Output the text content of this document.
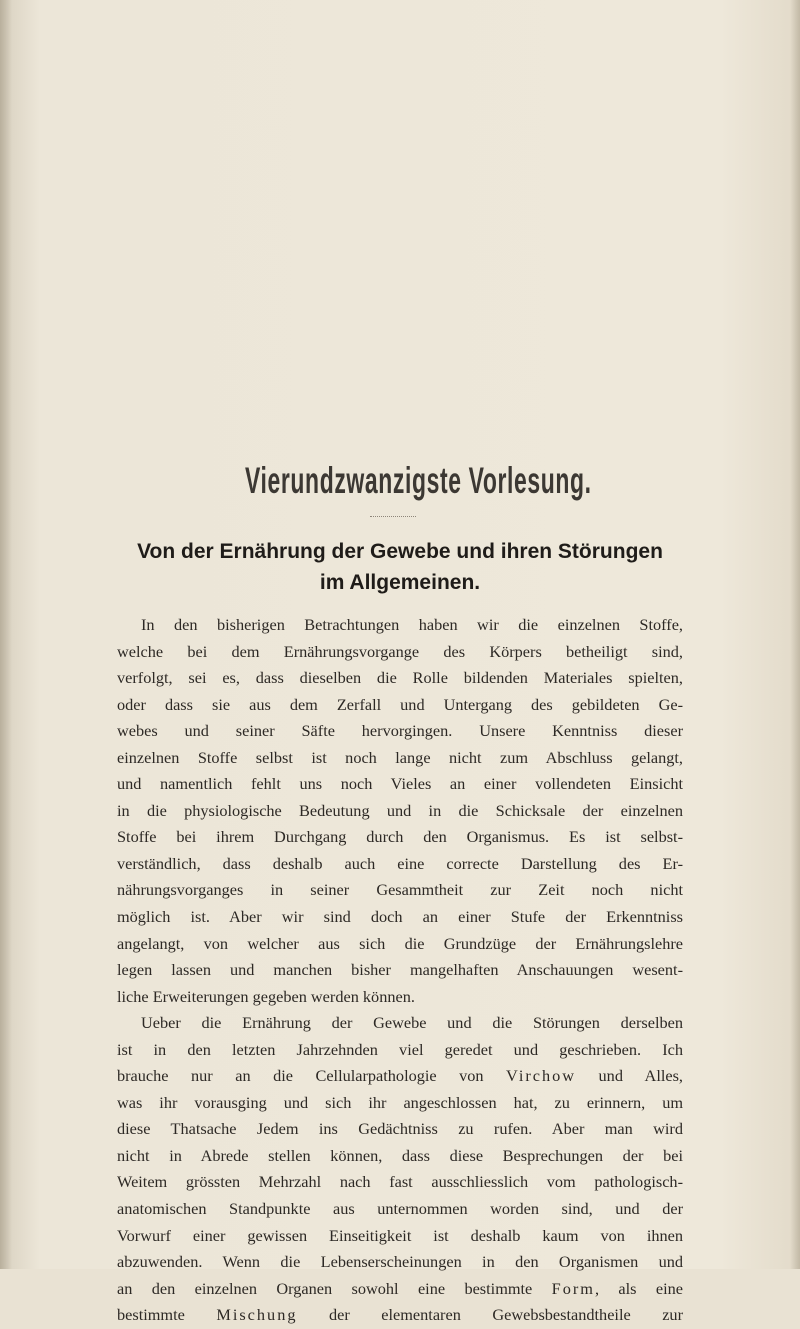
Vierundzwanzigste Vorlesung.
Von der Ernährung der Gewebe und ihren Störungen
im Allgemeinen.
In den bisherigen Betrachtungen haben wir die einzelnen Stoffe,
welche bei dem Ernährungsvorgange des Körpers betheiligt sind,
verfolgt, sei es, dass dieselben die Rolle bildenden Materiales spielten,
oder dass sie aus dem Zerfall und Untergang des gebildeten Ge-
webes und seiner Säfte hervorgingen. Unsere Kenntniss dieser
einzelnen Stoffe selbst ist noch lange nicht zum Abschluss gelangt,
und namentlich fehlt uns noch Vieles an einer vollendeten Einsicht
in die physiologische Bedeutung und in die Schicksale der einzelnen
Stoffe bei ihrem Durchgang durch den Organismus. Es ist selbst-
verständlich, dass deshalb auch eine correcte Darstellung des Er-
nährungsvorganges in seiner Gesammtheit zur Zeit noch nicht
möglich ist. Aber wir sind doch an einer Stufe der Erkenntniss
angelangt, von welcher aus sich die Grundzüge der Ernährungslehre
legen lassen und manchen bisher mangelhaften Anschauungen wesent-
liche Erweiterungen gegeben werden können.
Ueber die Ernährung der Gewebe und die Störungen derselben
ist in den letzten Jahrzehnden viel geredet und geschrieben. Ich
brauche nur an die Cellularpathologie von Virchow und Alles,
was ihr vorausging und sich ihr angeschlossen hat, zu erinnern, um
diese Thatsache Jedem ins Gedächtniss zu rufen. Aber man wird
nicht in Abrede stellen können, dass diese Besprechungen der bei
Weitem grössten Mehrzahl nach fast ausschliesslich vom pathologisch-
anatomischen Standpunkte aus unternommen worden sind, und der
Vorwurf einer gewissen Einseitigkeit ist deshalb kaum von ihnen
abzuwenden. Wenn die Lebenserscheinungen in den Organismen und
an den einzelnen Organen sowohl eine bestimmte Form, als eine
bestimmte Mischung der elementaren Gewebsbestandtheile zur
